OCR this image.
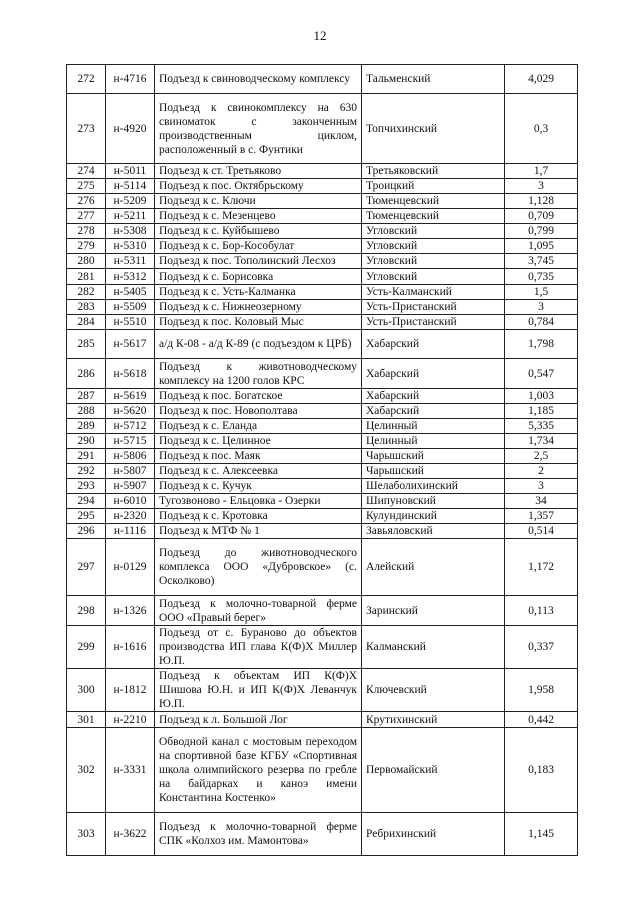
12
272	н-4716	Подъезд к свиноводческому комплексу	Тальменский	4,029
273	н-4920	Подъезд к свинокомплексу на 630 свиноматок с законченным производственным циклом, расположенный в с. Фунтики	Топчихинский	0,3
274	н-5011	Подъезд к ст. Третьяково	Третьяковский	1,7
275	н-5114	Подъезд к пос. Октябрьскому	Троицкий	3
276	н-5209	Подъезд к с. Ключи	Тюменцевский	1,128
277	н-5211	Подъезд к с. Мезенцево	Тюменцевский	0,709
278	н-5308	Подъезд к с. Куйбышево	Угловский	0,799
279	н-5310	Подъезд к с. Бор-Кособулат	Угловский	1,095
280	н-5311	Подъезд к пос. Тополинский Лесхоз	Угловский	3,745
281	н-5312	Подъезд к с. Борисовка	Угловский	0,735
282	н-5405	Подъезд к с. Усть-Калманка	Усть-Калманский	1,5
283	н-5509	Подъезд к с. Нижнеозерному	Усть-Пристанский	3
284	н-5510	Подъезд к пос. Коловый Мыс	Усть-Пристанский	0,784
285	н-5617	а/д К-08 - а/д К-89 (с подъездом к ЦРБ)	Хабарский	1,798
286	н-5618	Подъезд к животноводческому комплексу на 1200 голов КРС	Хабарский	0,547
287	н-5619	Подъезд к пос. Богатское	Хабарский	1,003
288	н-5620	Подъезд к пос. Новополтава	Хабарский	1,185
289	н-5712	Подъезд к с. Еланда	Целинный	5,335
290	н-5715	Подъезд к с. Целинное	Целинный	1,734
291	н-5806	Подъезд к пос. Маяк	Чарышский	2,5
292	н-5807	Подъезд к с. Алексеевка	Чарышский	2
293	н-5907	Подъезд к с. Кучук	Шелаболихинский	3
294	н-6010	Тугозвоново - Ельцовка - Озерки	Шипуновский	34
295	н-2320	Подъезд к с. Кротовка	Кулундинский	1,357
296	н-1116	Подъезд к МТФ № 1	Завьяловский	0,514
297	н-0129	Подъезд до животноводческого комплекса ООО «Дубровское» (с. Осколково)	Алейский	1,172
298	н-1326	Подъезд к молочно-товарной ферме ООО «Правый берег»	Заринский	0,113
299	н-1616	Подъезд от с. Бураново до объектов производства ИП глава К(Ф)Х Миллер Ю.П.	Калманский	0,337
300	н-1812	Подъезд к объектам ИП К(Ф)Х Шишова Ю.Н. и ИП К(Ф)Х Леванчук Ю.П.	Ключевский	1,958
301	н-2210	Подъезд к л. Большой Лог	Крутихинский	0,442
302	н-3331	Обводной канал с мостовым переходом на спортивной базе КГБУ «Спортивная школа олимпийского резерва по гребле на байдарках и каноэ имени Константина Костенко»	Первомайский	0,183
303	н-3622	Подъезд к молочно-товарной ферме СПК «Колхоз им. Мамонтова»	Ребрихинский	1,145
